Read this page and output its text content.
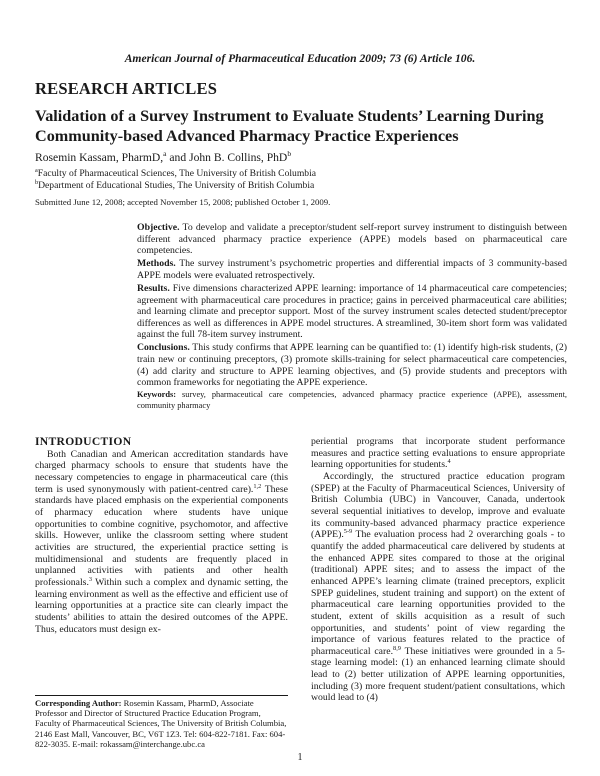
American Journal of Pharmaceutical Education 2009; 73 (6) Article 106.
RESEARCH ARTICLES
Validation of a Survey Instrument to Evaluate Students’ Learning During Community-based Advanced Pharmacy Practice Experiences
Rosemin Kassam, PharmD,$^a$ and John B. Collins, PhD$^b$
$^a$Faculty of Pharmaceutical Sciences, The University of British Columbia
$^b$Department of Educational Studies, The University of British Columbia
Submitted June 12, 2008; accepted November 15, 2008; published October 1, 2009.

Objective. To develop and validate a preceptor/student self-report survey instrument to distinguish between different advanced pharmacy practice experience (APPE) models based on pharmaceutical care competencies.

Methods. The survey instrument’s psychometric properties and differential impacts of 3 community-based APPE models were evaluated retrospectively.

Results. Five dimensions characterized APPE learning: importance of 14 pharmaceutical care competencies; agreement with pharmaceutical care procedures in practice; gains in perceived pharmaceutical care abilities; and learning climate and preceptor support. Most of the survey instrument scales detected student/preceptor differences as well as differences in APPE model structures. A streamlined, 30-item short form was validated against the full 78-item survey instrument.

Conclusions. This study confirms that APPE learning can be quantified to: (1) identify high-risk students, (2) train new or continuing preceptors, (3) promote skills-training for select pharmaceutical care competencies, (4) add clarity and structure to APPE learning objectives, and (5) provide students and preceptors with common frameworks for negotiating the APPE experience.

Keywords: survey, pharmaceutical care competencies, advanced pharmacy practice experience (APPE), assessment, community pharmacy

INTRODUCTION

Both Canadian and American accreditation standards have charged pharmacy schools to ensure that students have the necessary competencies to engage in pharmaceutical care (this term is used synonymously with patient-centred care).$^{1,2}$ These standards have placed emphasis on the experiential components of pharmacy education where students have unique opportunities to combine cognitive, psychomotor, and affective skills. However, unlike the classroom setting where student activities are structured, the experiential practice setting is multidimensional and students are frequently placed in unplanned activities with patients and other health professionals.$^3$ Within such a complex and dynamic setting, the learning environment as well as the effective and efficient use of learning opportunities at a practice site can clearly impact the students’ abilities to attain the desired outcomes of the APPE. Thus, educators must design ex-

Corresponding Author: Rosemin Kassam, PharmD, Associate Professor and Director of Structured Practice Education Program, Faculty of Pharmaceutical Sciences, The University of British Columbia, 2146 East Mall, Vancouver, BC, V6T 1Z3. Tel: 604-822-7181. Fax: 604-822-3035. E-mail: rokassam@interchange.ubc.ca

periential programs that incorporate student performance measures and practice setting evaluations to ensure appropriate learning opportunities for students.$^4$

Accordingly, the structured practice education program (SPEP) at the Faculty of Pharmaceutical Sciences, University of British Columbia (UBC) in Vancouver, Canada, undertook several sequential initiatives to develop, improve and evaluate its community-based advanced pharmacy practice experience (APPE).$^{5-9}$ The evaluation process had 2 overarching goals - to quantify the added pharmaceutical care delivered by students at the enhanced APPE sites compared to those at the original (traditional) APPE sites; and to assess the impact of the enhanced APPE’s learning climate (trained preceptors, explicit SPEP guidelines, student training and support) on the extent of pharmaceutical care learning opportunities provided to the student, extent of skills acquisition as a result of such opportunities, and students’ point of view regarding the importance of various features related to the practice of pharmaceutical care.$^{8,9}$ These initiatives were grounded in a 5-stage learning model: (1) an enhanced learning climate should lead to (2) better utilization of APPE learning opportunities, including (3) more frequent student/patient consultations, which would lead to (4)

1
